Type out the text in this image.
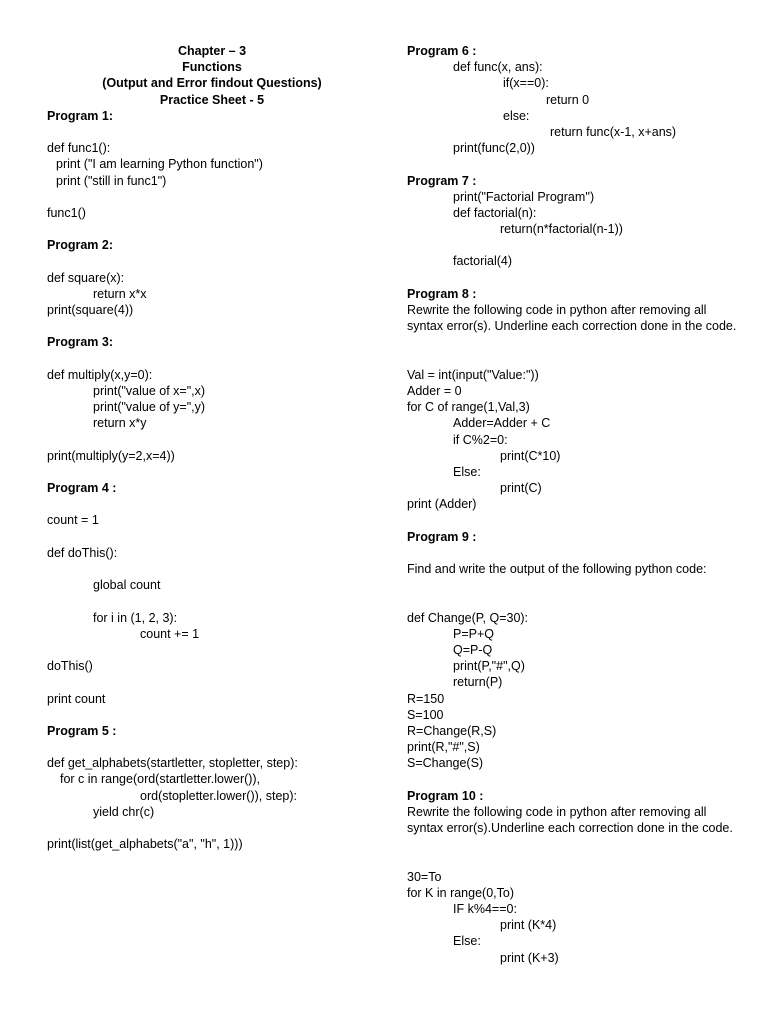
Chapter – 3
Functions
(Output and Error findout Questions)
Practice Sheet - 5
Program 1:
def func1():
print ("I am learning Python function")
print ("still in func1")
func1()
Program 2:
def square(x):
return x*x
print(square(4))
Program 3:
def multiply(x,y=0):
print("value of x=",x)
print("value of y=",y)
return x*y
print(multiply(y=2,x=4))
Program 4 :
count = 1
def doThis():
global count
for i in (1, 2, 3):
count += 1
doThis()
print count
Program 5 :
def get_alphabets(startletter, stopletter, step):
for c in range(ord(startletter.lower()),
ord(stopletter.lower()), step):
yield chr(c)
print(list(get_alphabets("a", "h", 1)))
Program 6 :
def func(x, ans):
if(x==0):
return 0
else:
return func(x-1, x+ans)
print(func(2,0))
Program 7 :
print("Factorial Program'')
def factorial(n):
return(n*factorial(n-1))
factorial(4)
Program 8 :
Rewrite the following code in python after removing all syntax error(s). Underline each correction done in the code.
Val = int(input("Value:"))
Adder = 0
for C of range(1,Val,3)
Adder=Adder + C
if C%2=0:
print(C*10)
Else:
print(C)
print (Adder)
Program 9 :
Find and write the output of the following python code:
def Change(P, Q=30):
P=P+Q
Q=P-Q
print(P,"#",Q)
return(P)
R=150
S=100
R=Change(R,S)
print(R,"#",S)
S=Change(S)
Program 10 :
Rewrite the following code in python after removing all syntax error(s).Underline each correction done in the code.
30=To
for K in range(0,To)
IF k%4==0:
print (K*4)
Else:
print (K+3)
